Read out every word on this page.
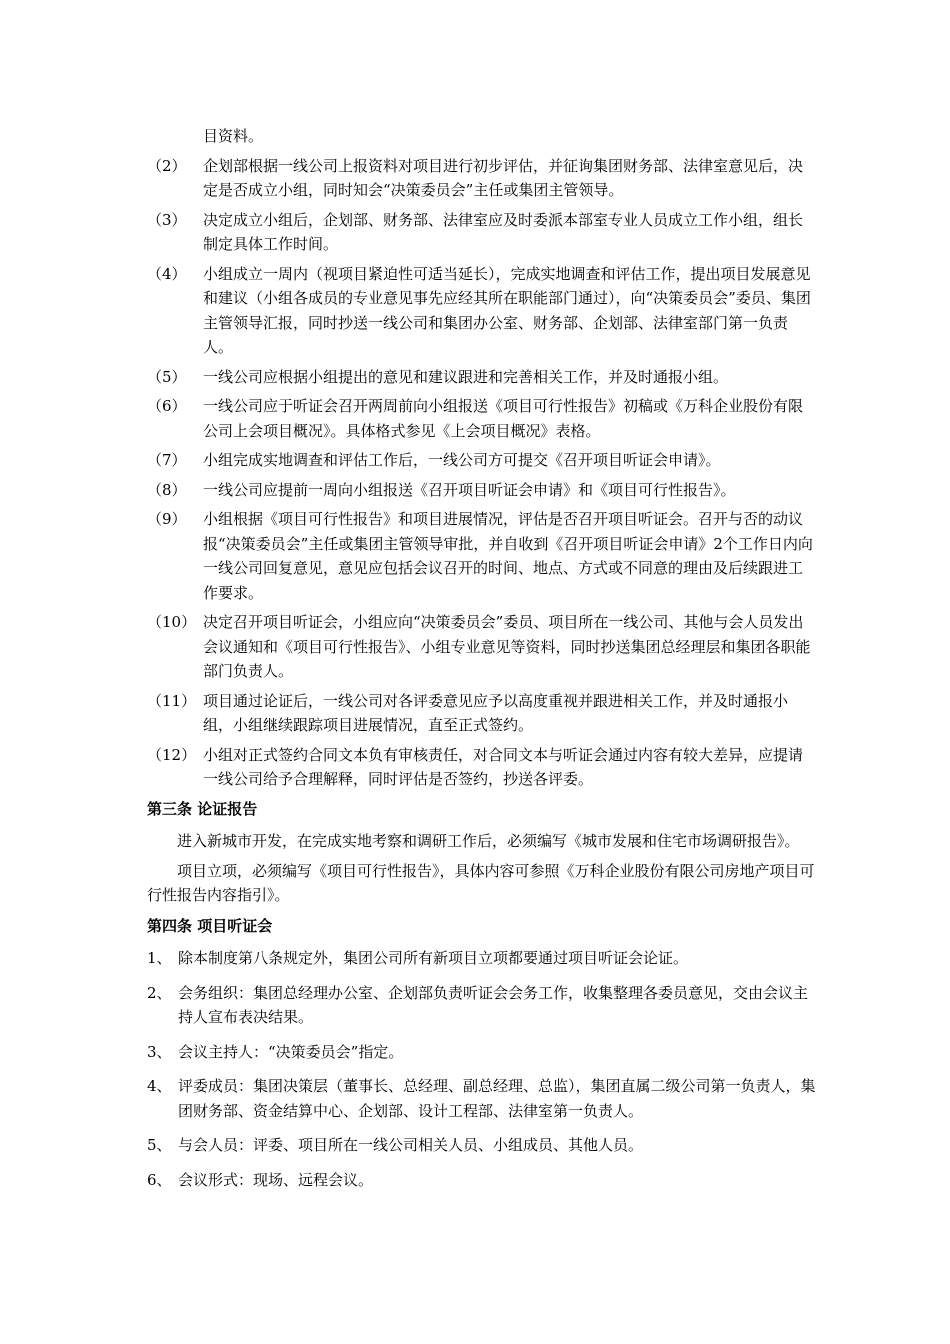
目资料。
（2） 企划部根据一线公司上报资料对项目进行初步评估，并征询集团财务部、法律室意见后，决定是否成立小组，同时知会“决策委员会”主任或集团主管领导。
（3） 决定成立小组后，企划部、财务部、法律室应及时委派本部室专业人员成立工作小组，组长制定具体工作时间。
（4） 小组成立一周内（视项目紧迫性可适当延长），完成实地调查和评估工作，提出项目发展意见和建议（小组各成员的专业意见事先应经其所在职能部门通过），向“决策委员会”委员、集团主管领导汇报，同时抄送一线公司和集团办公室、财务部、企划部、法律室部门第一负责人。
（5） 一线公司应根据小组提出的意见和建议跟进和完善相关工作，并及时通报小组。
（6） 一线公司应于听证会召开两周前向小组报送《项目可行性报告》初稿或《万科企业股份有限公司上会项目概况》。具体格式参见《上会项目概况》表格。
（7） 小组完成实地调查和评估工作后，一线公司方可提交《召开项目听证会申请》。
（8） 一线公司应提前一周向小组报送《召开项目听证会申请》和《项目可行性报告》。
（9） 小组根据《项目可行性报告》和项目进展情况，评估是否召开项目听证会。召开与否的动议报“决策委员会”主任或集团主管领导审批，并自收到《召开项目听证会申请》2个工作日内向一线公司回复意见，意见应包括会议召开的时间、地点、方式或不同意的理由及后续跟进工作要求。
（10） 决定召开项目听证会，小组应向“决策委员会”委员、项目所在一线公司、其他与会人员发出会议通知和《项目可行性报告》、小组专业意见等资料，同时抄送集团总经理层和集团各职能部门负责人。
（11） 项目通过论证后，一线公司对各评委意见应予以高度重视并跟进相关工作，并及时通报小组，小组继续跟踪项目进展情况，直至正式签约。
（12） 小组对正式签约合同文本负有审核责任，对合同文本与听证会通过内容有较大差异，应提请一线公司给予合理解释，同时评估是否签约，抄送各评委。
第三条 论证报告
进入新城市开发，在完成实地考察和调研工作后，必须编写《城市发展和住宅市场调研报告》。
项目立项，必须编写《项目可行性报告》，具体内容可参照《万科企业股份有限公司房地产项目可行性报告内容指引》。
第四条 项目听证会
1、 除本制度第八条规定外，集团公司所有新项目立项都要通过项目听证会论证。
2、 会务组织：集团总经理办公室、企划部负责听证会会务工作，收集整理各委员意见，交由会议主持人宣布表决结果。
3、 会议主持人：“决策委员会”指定。
4、 评委成员：集团决策层（董事长、总经理、副总经理、总监），集团直属二级公司第一负责人，集团财务部、资金结算中心、企划部、设计工程部、法律室第一负责人。
5、 与会人员：评委、项目所在一线公司相关人员、小组成员、其他人员。
6、 会议形式：现场、远程会议。
